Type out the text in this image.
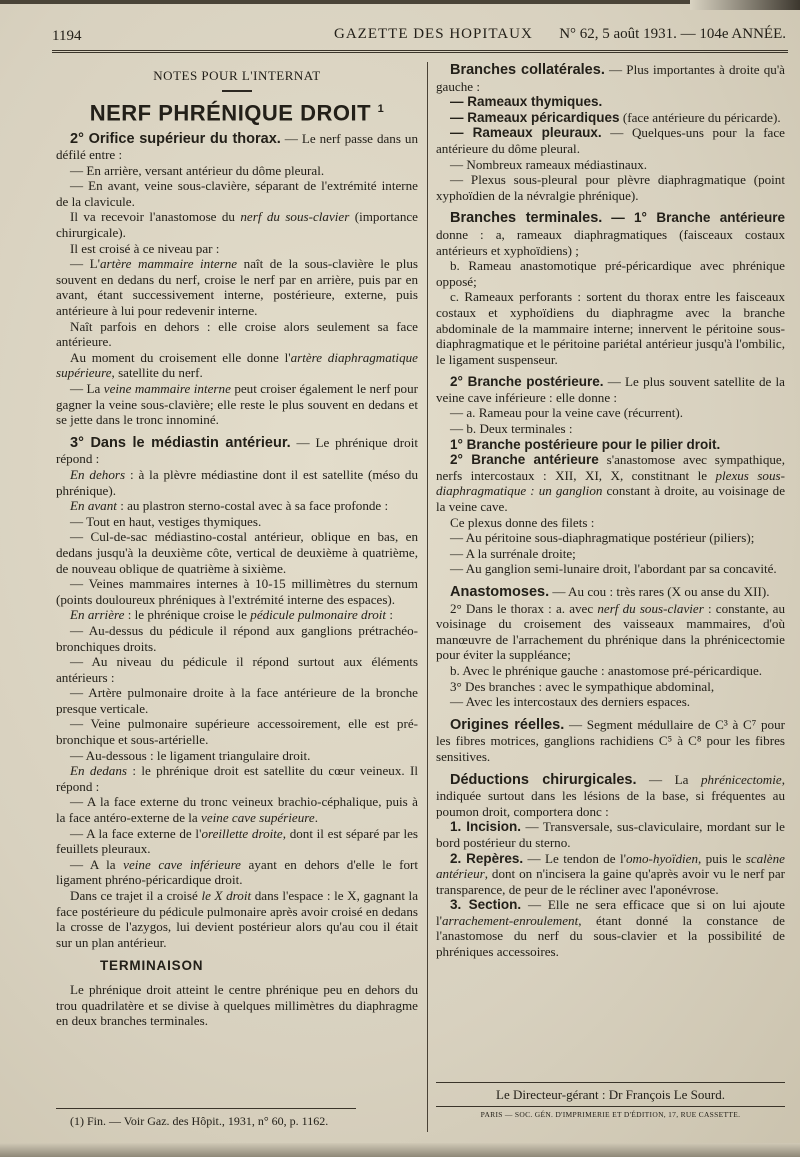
1194	GAZETTE DES HOPITAUX N° 62, 5 août 1931. — 104e ANNÉE.
NOTES POUR L'INTERNAT
NERF PHRÉNIQUE DROIT $^1$

2° Orifice supérieur du thorax. — Le nerf passe dans un défilé entre :

— En arrière, versant antérieur du dôme pleural.

— En avant, veine sous-clavière, séparant de l'extrémité interne de la clavicule.

Il va recevoir l'anastomose du nerf du sous-clavier (importance chirurgicale).

Il est croisé à ce niveau par :

— L'artère mammaire interne naît de la sous-clavière le plus souvent en dedans du nerf, croise le nerf par en arrière, puis par en avant, étant successivement interne, postérieure, externe, puis antérieure à lui pour redevenir interne.

Naît parfois en dehors : elle croise alors seulement sa face antérieure.

Au moment du croisement elle donne l'artère diaphragmatique supérieure, satellite du nerf.

— La veine mammaire interne peut croiser également le nerf pour gagner la veine sous-clavière; elle reste le plus souvent en dedans et se jette dans le tronc innominé.

3° Dans le médiastin antérieur. — Le phrénique droit répond :

En dehors : à la plèvre médiastine dont il est satellite (méso du phrénique).

En avant : au plastron sterno-costal avec à sa face profonde :

— Tout en haut, vestiges thymiques.

— Cul-de-sac médiastino-costal antérieur, oblique en bas, en dedans jusqu'à la deuxième côte, vertical de deuxième à quatrième, de nouveau oblique de quatrième à sixième.

— Veines mammaires internes à 10-15 millimètres du sternum (points douloureux phréniques à l'extrémité interne des espaces).

En arrière : le phrénique croise le pédicule pulmonaire droit :

— Au-dessus du pédicule il répond aux ganglions prétrachéo-bronchiques droits.

— Au niveau du pédicule il répond surtout aux éléments antérieurs :

— Artère pulmonaire droite à la face antérieure de la bronche presque verticale.

— Veine pulmonaire supérieure accessoirement, elle est pré-bronchique et sous-artérielle.

— Au-dessous : le ligament triangulaire droit.

En dedans : le phrénique droit est satellite du cœur veineux. Il répond :

— A la face externe du tronc veineux brachio-céphalique, puis à la face antéro-externe de la veine cave supérieure.

— A la face externe de l'oreillette droite, dont il est séparé par les feuillets pleuraux.

— A la veine cave inférieure ayant en dehors d'elle le fort ligament phréno-péricardique droit.

Dans ce trajet il a croisé le X droit dans l'espace : le X, gagnant la face postérieure du pédicule pulmonaire après avoir croisé en dedans la crosse de l'azygos, lui devient postérieur alors qu'au cou il était sur un plan antérieur.

TERMINAISON

Le phrénique droit atteint le centre phrénique peu en dehors du trou quadrilatère et se divise à quelques millimètres du diaphragme en deux branches terminales.

(1) Fin. — Voir Gaz. des Hôpit., 1931, n° 60, p. 1162.

Branches collatérales. — Plus importantes à droite qu'à gauche :

— Rameaux thymiques.

— Rameaux péricardiques (face antérieure du péricarde).

— Rameaux pleuraux. — Quelques-uns pour la face antérieure du dôme pleural.

— Nombreux rameaux médiastinaux.

— Plexus sous-pleural pour plèvre diaphragmatique (point xyphoïdien de la névralgie phrénique).

Branches terminales. — 1° Branche antérieure donne : a, rameaux diaphragmatiques (faisceaux costaux antérieurs et xyphoïdiens) ;

b. Rameau anastomotique pré-péricardique avec phrénique opposé;

c. Rameaux perforants : sortent du thorax entre les faisceaux costaux et xyphoïdiens du diaphragme avec la branche abdominale de la mammaire interne; innervent le péritoine sous-diaphragmatique et le péritoine pariétal antérieur jusqu'à l'ombilic, le ligament suspenseur.

2° Branche postérieure. — Le plus souvent satellite de la veine cave inférieure : elle donne :

— a. Rameau pour la veine cave (récurrent).

— b. Deux terminales :

1° Branche postérieure pour le pilier droit.

2° Branche antérieure s'anastomose avec sympathique, nerfs intercostaux : XII, XI, X, constitnant le plexus sous-diaphragmatique : un ganglion constant à droite, au voisinage de la veine cave.

Ce plexus donne des filets :

— Au péritoine sous-diaphragmatique postérieur (piliers);

— A la surrénale droite;

— Au ganglion semi-lunaire droit, l'abordant par sa concavité.

Anastomoses. — Au cou : très rares (X ou anse du XII).

2° Dans le thorax : a. avec nerf du sous-clavier : constante, au voisinage du croisement des vaisseaux mammaires, d'où manœuvre de l'arrachement du phrénique dans la phrénicectomie pour éviter la suppléance;

b. Avec le phrénique gauche : anastomose pré-péricardique.

3° Des branches : avec le sympathique abdominal,

— Avec les intercostaux des derniers espaces.

Origines réelles. — Segment médullaire de C³ à C⁷ pour les fibres motrices, ganglions rachidiens C⁵ à C⁸ pour les fibres sensitives.

Déductions chirurgicales. — La phrénicectomie, indiquée surtout dans les lésions de la base, si fréquentes au poumon droit, comportera donc :

1. Incision. — Transversale, sus-claviculaire, mordant sur le bord postérieur du sterno.

2. Repères. — Le tendon de l'omo-hyoïdien, puis le scalène antérieur, dont on n'incisera la gaine qu'après avoir vu le nerf par transparence, de peur de le récliner avec l'aponévrose.

3. Section. — Elle ne sera efficace que si on lui ajoute l'arrachement-enroulement, étant donné la constance de l'anastomose du nerf du sous-clavier et la possibilité de phréniques accessoires.

Le Directeur-gérant : Dr François Le Sourd.
PARIS — SOC. GÉN. D'IMPRIMERIE ET D'ÉDITION, 17, RUE CASSETTE.
